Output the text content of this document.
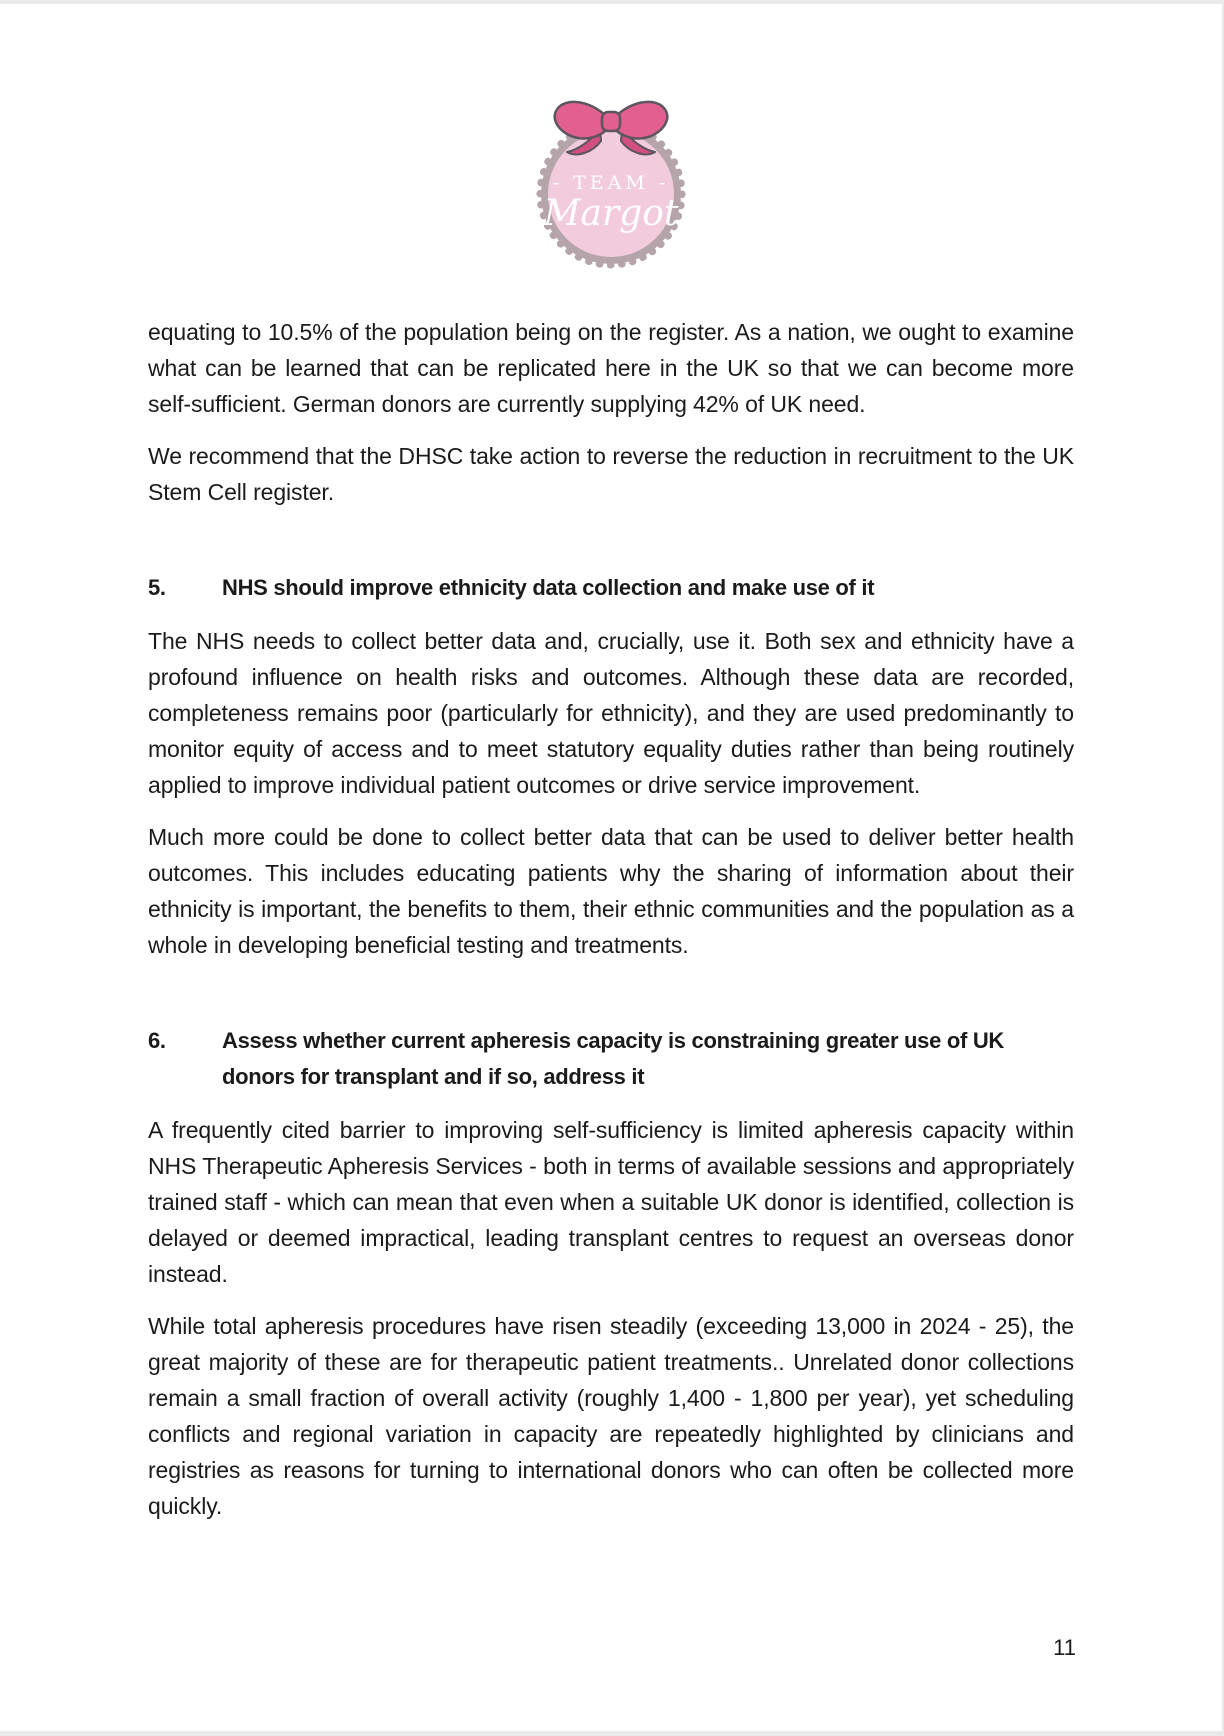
- TEAM -
Margot

equating to 10.5% of the population being on the register. As a nation, we ought to examine what can be learned that can be replicated here in the UK so that we can become more self-sufficient. German donors are currently supplying 42% of UK need.

We recommend that the DHSC take action to reverse the reduction in recruitment to the UK Stem Cell register.

5.	NHS should improve ethnicity data collection and make use of it

The NHS needs to collect better data and, crucially, use it. Both sex and ethnicity have a profound influence on health risks and outcomes. Although these data are recorded, completeness remains poor (particularly for ethnicity), and they are used predominantly to monitor equity of access and to meet statutory equality duties rather than being routinely applied to improve individual patient outcomes or drive service improvement.

Much more could be done to collect better data that can be used to deliver better health outcomes. This includes educating patients why the sharing of information about their ethnicity is important, the benefits to them, their ethnic communities and the population as a whole in developing beneficial testing and treatments.

6.	Assess whether current apheresis capacity is constraining greater use of UK donors for transplant and if so, address it

A frequently cited barrier to improving self-sufficiency is limited apheresis capacity within NHS Therapeutic Apheresis Services - both in terms of available sessions and appropriately trained staff - which can mean that even when a suitable UK donor is identified, collection is delayed or deemed impractical, leading transplant centres to request an overseas donor instead.

While total apheresis procedures have risen steadily (exceeding 13,000 in 2024 - 25), the great majority of these are for therapeutic patient treatments.. Unrelated donor collections remain a small fraction of overall activity (roughly 1,400 - 1,800 per year), yet scheduling conflicts and regional variation in capacity are repeatedly highlighted by clinicians and registries as reasons for turning to international donors who can often be collected more quickly.

11
